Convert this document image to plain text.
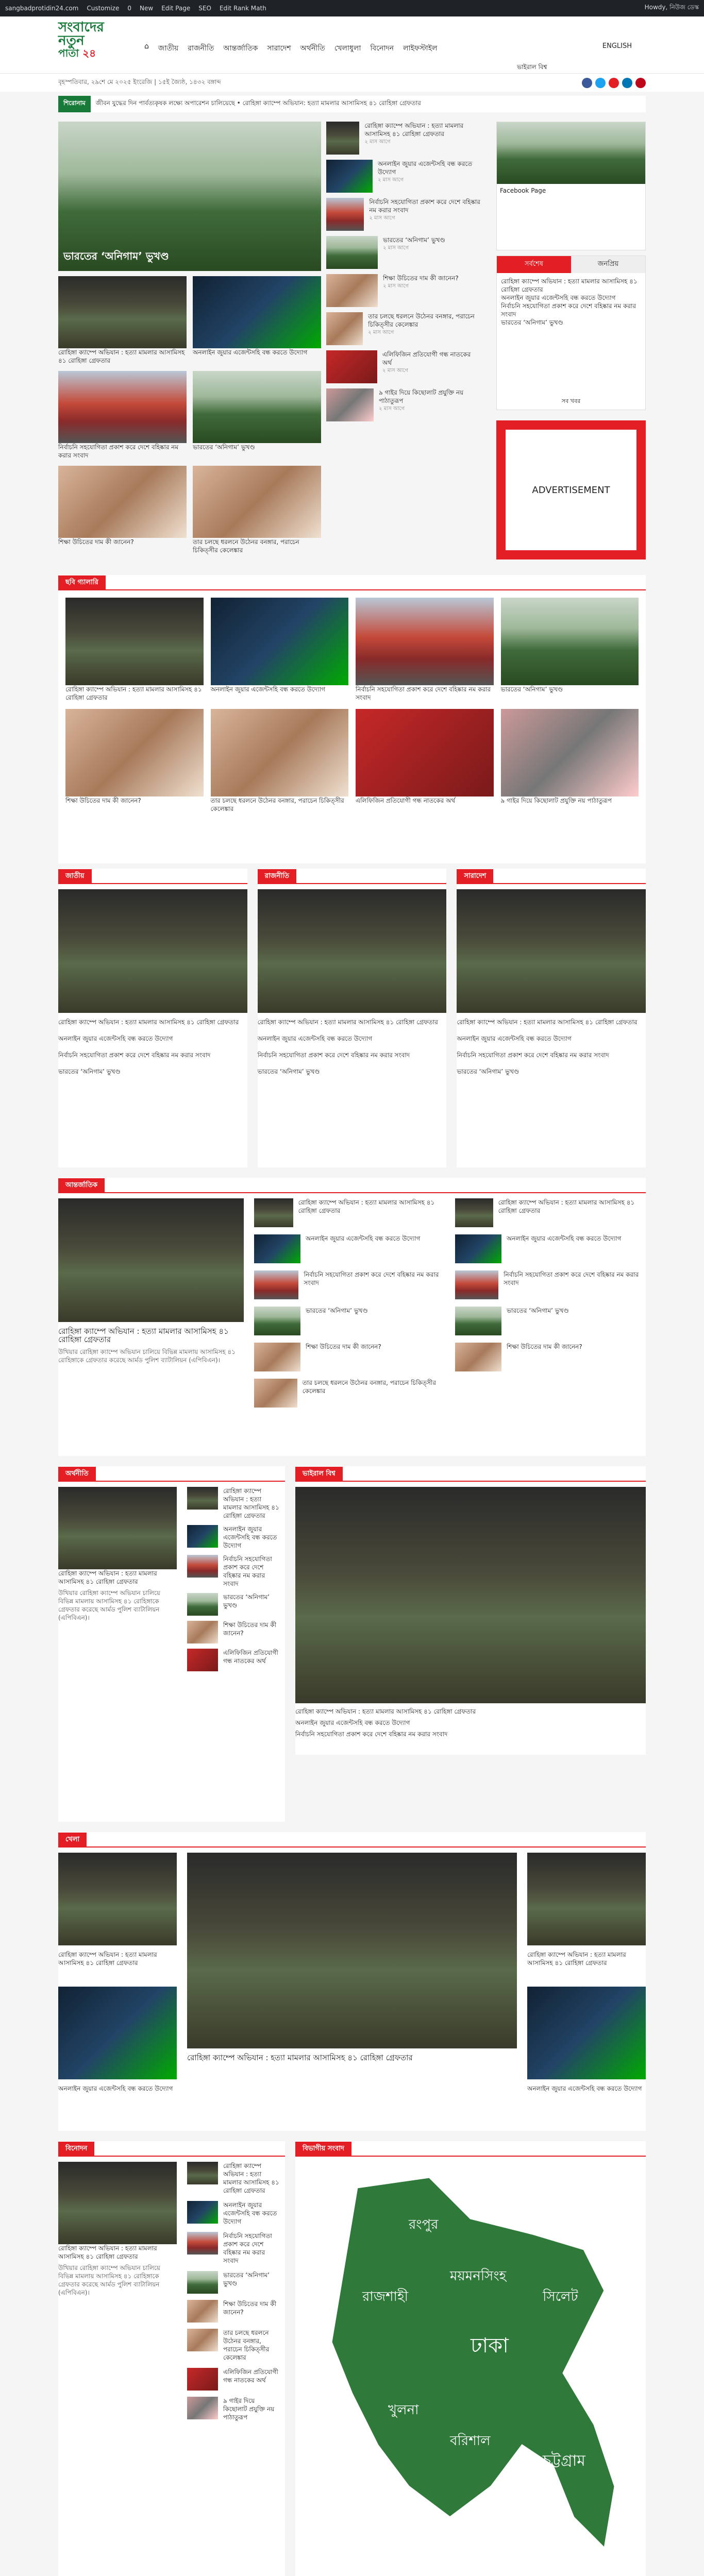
sangbadprotidin24.com Customize 0 New Edit Page SEO Edit Rank Math	Howdy, নিউজ ডেস্ক
সংবাদের নতুন
পাতা ২৪
⌂ জাতীয় রাজনীতি আন্তর্জাতিক সারাদেশ অর্থনীতি খেলাধুলা বিনোদন লাইফস্টাইল	ENGLISH
ভাইরাল বিশ্ব
বৃহস্পতিবার, ২৯শে মে ২০২৫ ইংরেজি | ১৫ই জ্যৈষ্ঠ, ১৪৩২ বঙ্গাব্দ
শিরোনাম	জীবন যুদ্ধের দিন পার্বত্যকৃষক লক্ষ্যে অপারেশন চালিয়েছে • রোহিঙ্গা ক্যাম্পে অভিযান: হত্যা মামলার আসামিসহ ৪১ রোহিঙ্গা গ্রেফতার
ভারতের ‘অনিগাম’ ভুখণ্ড
রোহিঙ্গা ক্যাম্পে অভিযান : হত্যা মামলার আসামিসহ ৪১ রোহিঙ্গা গ্রেফতার
২ মাস আগে
অনলাইন জুয়ার এজেন্টসহি বন্ধ করতে উদ্যোগ
২ মাস আগে
নির্বাচনি সহযোগিতা প্রকাশ করে দেশে বহিষ্কার নম করার সংবাদ
২ মাস আগে
ভারতের ‘অনিগাম’ ভুখণ্ড
২ মাস আগে
শিক্ষা উচিতের দাম কী জানেন?
২ মাস আগে
তার চলছে ধরলনে উঠেনর বনঙ্গার, পরাচেন চিকিত্সীর কেলেঙ্কার
২ মাস আগে
এলিফিজিন প্রতিযোগী গন্ধ নাতকের অর্থ
২ মাস আগে
৯ গাইর দিয়ে কিছোলাট প্রযুক্তি নয় পাঠাতুরূপ
২ মাস আগে
রোহিঙ্গা ক্যাম্পে অভিযান : হত্যা মামলার আসামিসহ ৪১ রোহিঙ্গা গ্রেফতার
অনলাইন জুয়ার এজেন্টসহি বন্ধ করতে উদ্যোগ
নির্বাচনি সহযোগিতা প্রকাশ করে দেশে বহিষ্কার নম করার সংবাদ
ভারতের ‘অনিগাম’ ভুখণ্ড
শিক্ষা উচিতের দাম কী জানেন?	তার চলছে ধরলনে উঠেনর বনঙ্গার, পরাচেন চিকিত্সীর কেলেঙ্কার
Facebook Page
সর্বশেষ	জনপ্রিয়

রোহিঙ্গা ক্যাম্পে অভিযান : হত্যা মামলার আসামিসহ ৪১ রোহিঙ্গা গ্রেফতার

অনলাইন জুয়ার এজেন্টসহি বন্ধ করতে উদ্যোগ

নির্বাচনি সহযোগিতা প্রকাশ করে দেশে বহিষ্কার নম করার সংবাদ

ভারতের ‘অনিগাম’ ভুখণ্ড

সব খবর
ADVERTISEMENT
ছবি গ্যালারি
রোহিঙ্গা ক্যাম্পে অভিযান : হত্যা মামলার আসামিসহ ৪১ রোহিঙ্গা গ্রেফতার
অনলাইন জুয়ার এজেন্টসহি বন্ধ করতে উদ্যোগ	নির্বাচনি সহযোগিতা প্রকাশ করে দেশে বহিষ্কার নম করার সংবাদ
ভারতের ‘অনিগাম’ ভুখণ্ড
শিক্ষা উচিতের দাম কী জানেন?	তার চলছে ধরলনে উঠেনর বনঙ্গার, পরাচেন চিকিত্সীর কেলেঙ্কার
এলিফিজিন প্রতিযোগী গন্ধ নাতকের অর্থ	৯ গাইর দিয়ে কিছোলাট প্রযুক্তি নয় পাঠাতুরূপ
জাতীয়
রোহিঙ্গা ক্যাম্পে অভিযান : হত্যা মামলার আসামিসহ ৪১ রোহিঙ্গা গ্রেফতার
অনলাইন জুয়ার এজেন্টসহি বন্ধ করতে উদ্যোগ
নির্বাচনি সহযোগিতা প্রকাশ করে দেশে বহিষ্কার নম করার সংবাদ
ভারতের ‘অনিগাম’ ভুখণ্ড
রাজনীতি
রোহিঙ্গা ক্যাম্পে অভিযান : হত্যা মামলার আসামিসহ ৪১ রোহিঙ্গা গ্রেফতার
অনলাইন জুয়ার এজেন্টসহি বন্ধ করতে উদ্যোগ
নির্বাচনি সহযোগিতা প্রকাশ করে দেশে বহিষ্কার নম করার সংবাদ
ভারতের ‘অনিগাম’ ভুখণ্ড
সারাদেশ
রোহিঙ্গা ক্যাম্পে অভিযান : হত্যা মামলার আসামিসহ ৪১ রোহিঙ্গা গ্রেফতার
অনলাইন জুয়ার এজেন্টসহি বন্ধ করতে উদ্যোগ
নির্বাচনি সহযোগিতা প্রকাশ করে দেশে বহিষ্কার নম করার সংবাদ
ভারতের ‘অনিগাম’ ভুখণ্ড
আন্তর্জাতিক
রোহিঙ্গা ক্যাম্পে অভিযান : হত্যা মামলার আসামিসহ ৪১ রোহিঙ্গা গ্রেফতার
উখিয়ার রোহিঙ্গা ক্যাম্পে অভিযান চালিয়ে বিভিন্ন মামলায় আসামিসহ ৪১ রোহিঙ্গাকে গ্রেফতার করেছে আর্মড পুলিশ ব্যাটালিয়ন (এপিবিএন)।
রোহিঙ্গা ক্যাম্পে অভিযান : হত্যা মামলার আসামিসহ ৪১ রোহিঙ্গা গ্রেফতার
অনলাইন জুয়ার এজেন্টসহি বন্ধ করতে উদ্যোগ
নির্বাচনি সহযোগিতা প্রকাশ করে দেশে বহিষ্কার নম করার সংবাদ
ভারতের ‘অনিগাম’ ভুখণ্ড
শিক্ষা উচিতের দাম কী জানেন?
তার চলছে ধরলনে উঠেনর বনঙ্গার, পরাচেন চিকিত্সীর কেলেঙ্কার
রোহিঙ্গা ক্যাম্পে অভিযান : হত্যা মামলার আসামিসহ ৪১ রোহিঙ্গা গ্রেফতার
অনলাইন জুয়ার এজেন্টসহি বন্ধ করতে উদ্যোগ
নির্বাচনি সহযোগিতা প্রকাশ করে দেশে বহিষ্কার নম করার সংবাদ
ভারতের ‘অনিগাম’ ভুখণ্ড
শিক্ষা উচিতের দাম কী জানেন?
অর্থনীতি
রোহিঙ্গা ক্যাম্পে অভিযান : হত্যা মামলার আসামিসহ ৪১ রোহিঙ্গা গ্রেফতার
উখিয়ার রোহিঙ্গা ক্যাম্পে অভিযান চালিয়ে বিভিন্ন মামলায় আসামিসহ ৪১ রোহিঙ্গাকে গ্রেফতার করেছে আর্মড পুলিশ ব্যাটালিয়ন (এপিবিএন)।
রোহিঙ্গা ক্যাম্পে অভিযান : হত্যা মামলার আসামিসহ ৪১ রোহিঙ্গা গ্রেফতার
অনলাইন জুয়ার এজেন্টসহি বন্ধ করতে উদ্যোগ
নির্বাচনি সহযোগিতা প্রকাশ করে দেশে বহিষ্কার নম করার সংবাদ
ভারতের ‘অনিগাম’ ভুখণ্ড
শিক্ষা উচিতের দাম কী জানেন?
এলিফিজিন প্রতিযোগী গন্ধ নাতকের অর্থ
ভাইরাল বিশ্ব
রোহিঙ্গা ক্যাম্পে অভিযান : হত্যা মামলার আসামিসহ ৪১ রোহিঙ্গা গ্রেফতার
অনলাইন জুয়ার এজেন্টসহি বন্ধ করতে উদ্যোগ
নির্বাচনি সহযোগিতা প্রকাশ করে দেশে বহিষ্কার নম করার সংবাদ
খেলা
রোহিঙ্গা ক্যাম্পে অভিযান : হত্যা মামলার আসামিসহ ৪১ রোহিঙ্গা গ্রেফতার
অনলাইন জুয়ার এজেন্টসহি বন্ধ করতে উদ্যোগ
রোহিঙ্গা ক্যাম্পে অভিযান : হত্যা মামলার আসামিসহ ৪১ রোহিঙ্গা গ্রেফতার
রোহিঙ্গা ক্যাম্পে অভিযান : হত্যা মামলার আসামিসহ ৪১ রোহিঙ্গা গ্রেফতার
অনলাইন জুয়ার এজেন্টসহি বন্ধ করতে উদ্যোগ
বিনোদন
রোহিঙ্গা ক্যাম্পে অভিযান : হত্যা মামলার আসামিসহ ৪১ রোহিঙ্গা গ্রেফতার
উখিয়ার রোহিঙ্গা ক্যাম্পে অভিযান চালিয়ে বিভিন্ন মামলায় আসামিসহ ৪১ রোহিঙ্গাকে গ্রেফতার করেছে আর্মড পুলিশ ব্যাটালিয়ন (এপিবিএন)।
রোহিঙ্গা ক্যাম্পে অভিযান : হত্যা মামলার আসামিসহ ৪১ রোহিঙ্গা গ্রেফতার
অনলাইন জুয়ার এজেন্টসহি বন্ধ করতে উদ্যোগ
নির্বাচনি সহযোগিতা প্রকাশ করে দেশে বহিষ্কার নম করার সংবাদ
ভারতের ‘অনিগাম’ ভুখণ্ড
শিক্ষা উচিতের দাম কী জানেন?
তার চলছে ধরলনে উঠেনর বনঙ্গার, পরাচেন চিকিত্সীর কেলেঙ্কার
এলিফিজিন প্রতিযোগী গন্ধ নাতকের অর্থ
৯ গাইর দিয়ে কিছোলাট প্রযুক্তি নয় পাঠাতুরূপ
বিভাগীয় সংবাদ
রংপুর
রাজশাহী
ময়মনসিংহ
সিলেট
ঢাকা
খুলনা
বরিশাল
চট্টগ্রাম
